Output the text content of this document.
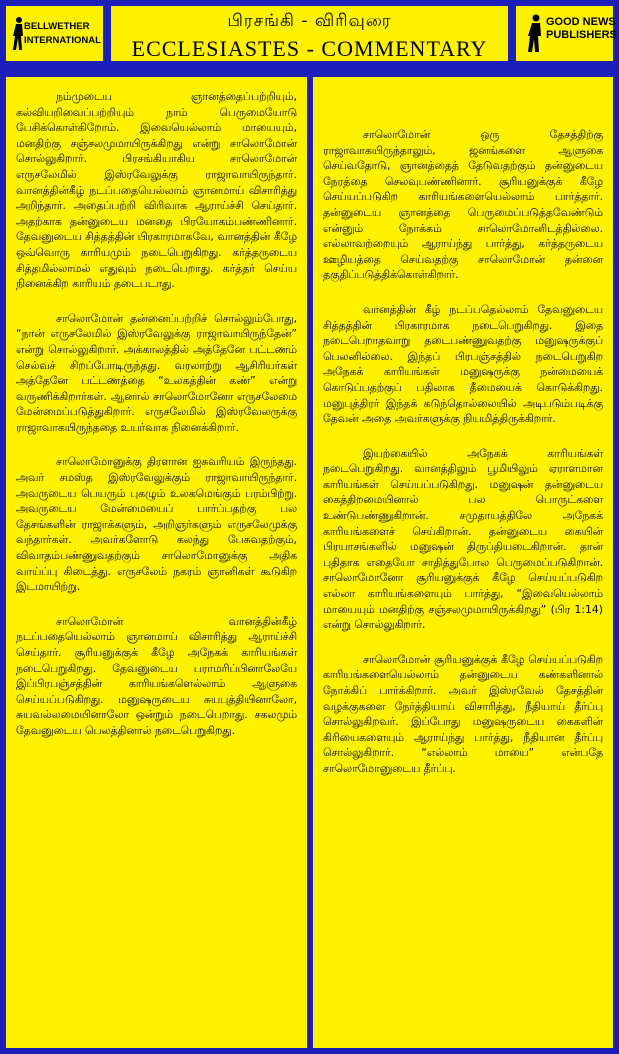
BELLWETHER
INTERNATIONAL
பிரசங்கி - விரிவுரை
ECCLESIASTES - COMMENTARY
GOOD NEWS
PUBLISHERS

நம்முடைய ஞானத்தைப்பற்றியும், கல்வியறிவைப்பற்றியும் நாம் பெருமையோடு பேசிக்கொள்கிறோம். இவையெல்லாம் மாயையும், மனதிற்கு சஞ்சலமுமாயிருக்கிறது என்று சாலொமோன் சொல்லுகிறார். பிரசங்கியாகிய சாலொமோன் எருசலேமில் இஸ்ரவேலுக்கு ராஜாவாயிருந்தார். வானத்தின்கீழ் நடப்பதையெல்லாம் ஞானமாய் விசாரித்து அறிந்தார். அதைப்பற்றி விரிவாக ஆராய்ச்சி செய்தார். அதற்காக தன்னுடைய மனதை பிரயோகம்பண்ணினார். தேவனுடைய சித்தத்தின் பிரகாரமாகவே, வானத்தின் கீழே ஒவ்வொரு காரியமும் நடைபெறுகிறது. கர்த்தருடைய சித்தமில்லாமல் எதுவும் நடைபெறாது. கர்த்தர் செய்ய நினைக்கிற காரியம் தடைபடாது.

சாலொமோன் தன்னைப்பற்றிச் சொல்லும்போது, “நான் எருசலேமில் இஸ்ரவேலுக்கு ராஜாவாயிருந்தேன்” என்று சொல்லுகிறார். அக்காலத்தில் அத்தேனே பட்டணம் செல்வச் சிறப்போடிருந்தது. வரலாற்று ஆசிரியர்கள் அத்தேனே பட்டணத்தை “உலகத்தின் கண்” என்று வருணிக்கிறார்கள். ஆனால் சாலொமோனோ எருசலேமை மேன்மைப்படுத்துகிறார். எருசலேமில் இஸ்ரவேலருக்கு ராஜாவாகயிருந்ததை உயர்வாக நினைக்கிறார்.

சாலொமோனுக்கு திரளான ஐசுவரியம் இருந்தது. அவர் சமஸ்த இஸ்ரவேலுக்கும் ராஜாவாயிருந்தார். அவருடைய பெயரும் புகழும் உலகமெங்கும் பரம்பிற்று. அவருடைய மேன்மையைப் பார்ப்பதற்கு பல தேசங்களின் ராஜாக்களும், அறிஞர்களும் எருசலேமுக்கு வந்தார்கள். அவர்களோடு கலந்து பேசுவதற்கும், விவாதம்பண்ணுவதற்கும் சாலொமோனுக்கு அதிக வாய்ப்பு கிடைத்து. எருசலேம் நகரம் ஞானிகள் கூடுகிற இடமாயிற்று.

சாலொமோன் வானத்தின்கீழ் நடப்பதையெல்லாம் ஞானமாய் விசாரித்து ஆராய்ச்சி செய்தார். சூரியனுக்குக் கீழே அநேகக் காரியங்கள் நடைபெறுகிறது. தேவனுடைய பராமரிப்பினாலேயே இப்பிரபஞ்சத்தின் காரியங்களெல்லாம் ஆளுகை செய்யப்படுகிறது. மனுஷருடைய சுயபுத்தியினாலோ, சுயவல்லமையினாலோ ஒன்றும் நடைபெறாது. சகலமும் தேவனுடைய பெலத்தினால் நடைபெறுகிறது.

சாலொமோன் ஒரு தேசத்திற்கு ராஜாவாகயிருந்தாலும், ஜனங்களை ஆளுகை செய்வதோடு, ஞானத்தைத் தேடுவதற்கும் தன்னுடைய நேரத்தை செலவுபண்ணினார். சூரியனுக்குக் கீழே செய்யப்படுகிற காரியங்களையெல்லாம் பார்த்தார். தன்னுடைய ஞானத்தை பெருமைப்படுத்தவேண்டும் என்னும் நோக்கம் சாலொமோனிடத்தில்லை. எல்லாவற்றையும் ஆராய்ந்து பார்த்து, கர்த்தருடைய ஊழியத்தை செய்வதற்கு சாலொமோன் தன்னை தகுதிப்படுத்திக்கொள்கிறார்.

வானத்தின் கீழ் நடப்பதெல்லாம் தேவனுடைய சித்தத்தின் பிரகாரமாக நடைபெறுகிறது. இதை நடைபெறாதவாறு தடைபண்ணுவதற்கு மனுஷருக்குப் பெலனில்லை. இந்தப் பிரபஞ்சத்தில் நடைபெறுகிற அநேகக் காரியங்கள் மனுஷருக்கு நன்மையைக் கொடுப்பதற்குப் பதிலாக தீமையைக் கொடுக்கிறது. மனுபுத்திரர் இந்தக் கடுந்தொல்லையில் அடிபடும்படிக்கு தேவன் அதை அவர்களுக்கு நியமித்திருக்கிறார்.

இயற்கையில் அநேகக் காரியங்கள் நடைபெறுகிறது. வானத்திலும் பூமியிலும் ஏராளமான காரியங்கள் செய்யப்படுகிறது. மனுஷன் தன்னுடைய கைத்திறமையினால் பல பொருட்களை உண்டுபண்ணுகிறான். சமுதாயத்திலே அநேகக் காரியங்களைச் செய்கிறான். தன்னுடைய கையின் பிரயாசங்களில் மனுஷன் திருப்தியடைகிறான். தான் புதிதாக எதையோ சாதித்துபோல பெருமைப்படுகிறான். சாலொமோனோ சூரியனுக்குக் கீழே செய்யப்படுகிற எல்லா காரியங்களையும் பார்த்து, “இவையெல்லாம் மாயையும் மனதிற்கு சஞ்சலமுமாயிருக்கிறது” (பிர 1:14) என்று சொல்லுகிறார்.

சாலொமோன் சூரியனுக்குக் கீழே செய்யப்படுகிற காரியங்களையெல்லாம் தன்னுடைய கண்களினால் நோக்கிப் பார்க்கிறார். அவர் இஸ்ரவேல் தேசத்தின் வழக்குகளை நேர்த்தியாய் விசாரித்து, நீதியாய் தீர்ப்பு சொல்லுகிறவர். இப்போது மனுஷருடைய கைகளின் கிரியைகளையும் ஆராய்ந்து பார்த்து, நீதியான தீர்ப்பு சொல்லுகிறார். “எல்லாம் மாயை” என்பதே சாலொமோனுடைய தீர்ப்பு.
